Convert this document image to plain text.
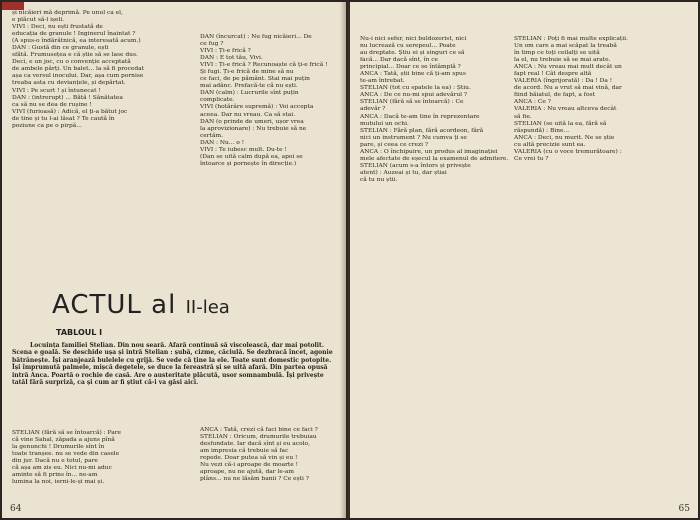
și nicăieri mă deprimă. Pe unul ca el,

e plăcut să-l ișeli.

VIVI : Deci, nu ești frustată de

educația de granule ! Inginerul înaintat ?

(A spus-o îndărătnică, ea interesată acum.)

DAN : Gustă din ce granule, ești

sfătă. Frumusețea e că știe să se lase dus.

Deci, e un joc, cu o convenție acceptată

de ambele părți. Un balet... la să fi procedat

așa ca versul inocului. Dar, așa cum pornise

treaba asta cu devianțele, și depărtat.

VIVI : Pe scurt ! și întunecat !

DAN : (intrerupt) ... Bătă ! Sănătatea

ca să nu se dea de rușine !

VIVI (furioasă) : Adică, el ți-a bătut joc

de tine și tu l-ai lăsat ? Te caută în

poziune ca pe o pirpă...

DAN (încurcat) : Nu fug nicăieri... De

ce fug ?

VIVI : Ți-e frică ?

DAN : E tot tău, Vivi.

VIVI : Ți-e frică ? Recunoaște că ți-e frică !

Și fugi. Ți-e frică de mine să nu

ce faci, de pe pământ. Stai mai puțin

mai adânc. Prefacă-te că nu ești.

DAN (calm) : Lucrurile sînt puțin

complicate.

VIVI (hotărâre supremă) : Voi accepta

aceea. Dar nu vreau. Ca să stai.

DAN (o prinde de umeri, ușor vrea

la aprovizionare) : Nu trebuie să ne

certăm.

DAN : Nu... o !

VIVI : Te iubesc mult. Du-te !

(Dan se uită calm după ea, apoi se

întoarce și pornește în direcție.)

ACTUL al II-lea
TABLOUL I
Locuința familiei Stelian. Din nou seară. Afară continuă să viscolească, dar mai potolit. Scena e goală. Se deschide ușa și intră Stelian : șubă, cizme, căciulă. Se dezbracă încet, agonie bătrânește. Își aranjează bulelele cu grijă. Se vede că ține la ele. Toate sunt domestic potopite. Își împrumută palmele, mișcă degetele, se duce la fereastră și se uită afară. Din partea opusă intră Anca. Poartă o rochie de casă. Are o austeritate plăcută, usor somnambulă. Își privește tatăl fără surpriză, ca și cum ar fi știut că-i va găsi aici.

STELIAN (fără să se întoarcă) : Pare

că vine Sahal, zăpada a ajuns pînă

la genunchi ! Drumurile sînt în

toate tranșee. nu se vede din casele

din jur. Dacă nu e totul, pare

că așa am zis eu. Nici nu-mi aduc

aminte să fi prins în... ne-am

lumina la noi, ierni-le-și mai și.

ANCA : Tată, crezi că faci bine ce faci ?

STELIAN : Oricum, drumurile trebuiau

desfundate. Iar dacă sînt și eu acolo,

am impresia că trebuie să fac

repede. Doar putea să vin și eu !

Nu vezi că-i aproape de moarte !

aproape, nu ne ajută, dar le-am

plâns... nu ne lăsăm banii ? Ce ești ?

64

Nu-i nici sefer, nici buldozerist, nici

nu lucrează cu serepeul... Poate

au dreptate. Știu ei și singuri ce să

facă... Dar dacă sînt, în ce

principial... Doar ce se întâmplă ?

ANCA : Tată, știi bine că ți-am spus

te-am întrebat.

STELIAN (tot cu spatele la ea) : Știu.

ANCA : De ce nu-mi spui adevărul ?

STELIAN (fără să se întoarcă) : Ce

adevăr ?

ANCA : Dacă te-am tine în reprezentare

mutului un ochi.

STELIAN : Fără plan, fără acordeon, fără

nici un instrument ? Nu cumva ți se

pare, și ceea ce crezi ?

ANCA : O închipuire, un produs al imaginației

mele afectate de eșecul la examenul de admitere.

STELIAN (acum s-a întors și privește

atent) : Auzeai și tu, dar știai

că tu nu știi.

STELIAN : Poți fi mai multe explicații.

Un om care a mai scăpat la treabă

în timp ce toți ceilalți se uită

la el, nu trebuie să se mai arate.

ANCA : Nu vreau mai mult decât un

fapt real ! Cât despre altă

VALERIA (îngrijorată) : Da ! Da !

de acord. Nu a vrut să mai vină, dar

fiind băiatul, de fapt, a fost

ANCA : Ce ?

VALERIA : Nu vreau altceva decât

să fie.

STELIAN (se uită la ea, fără să

răspundă) : Bine...

ANCA : Deci, nu murit. Ne se știe

cu altă precizie sunt ea.

VALERIA (cu o voce tremurătoare) :

Ce vrei tu ?

65
